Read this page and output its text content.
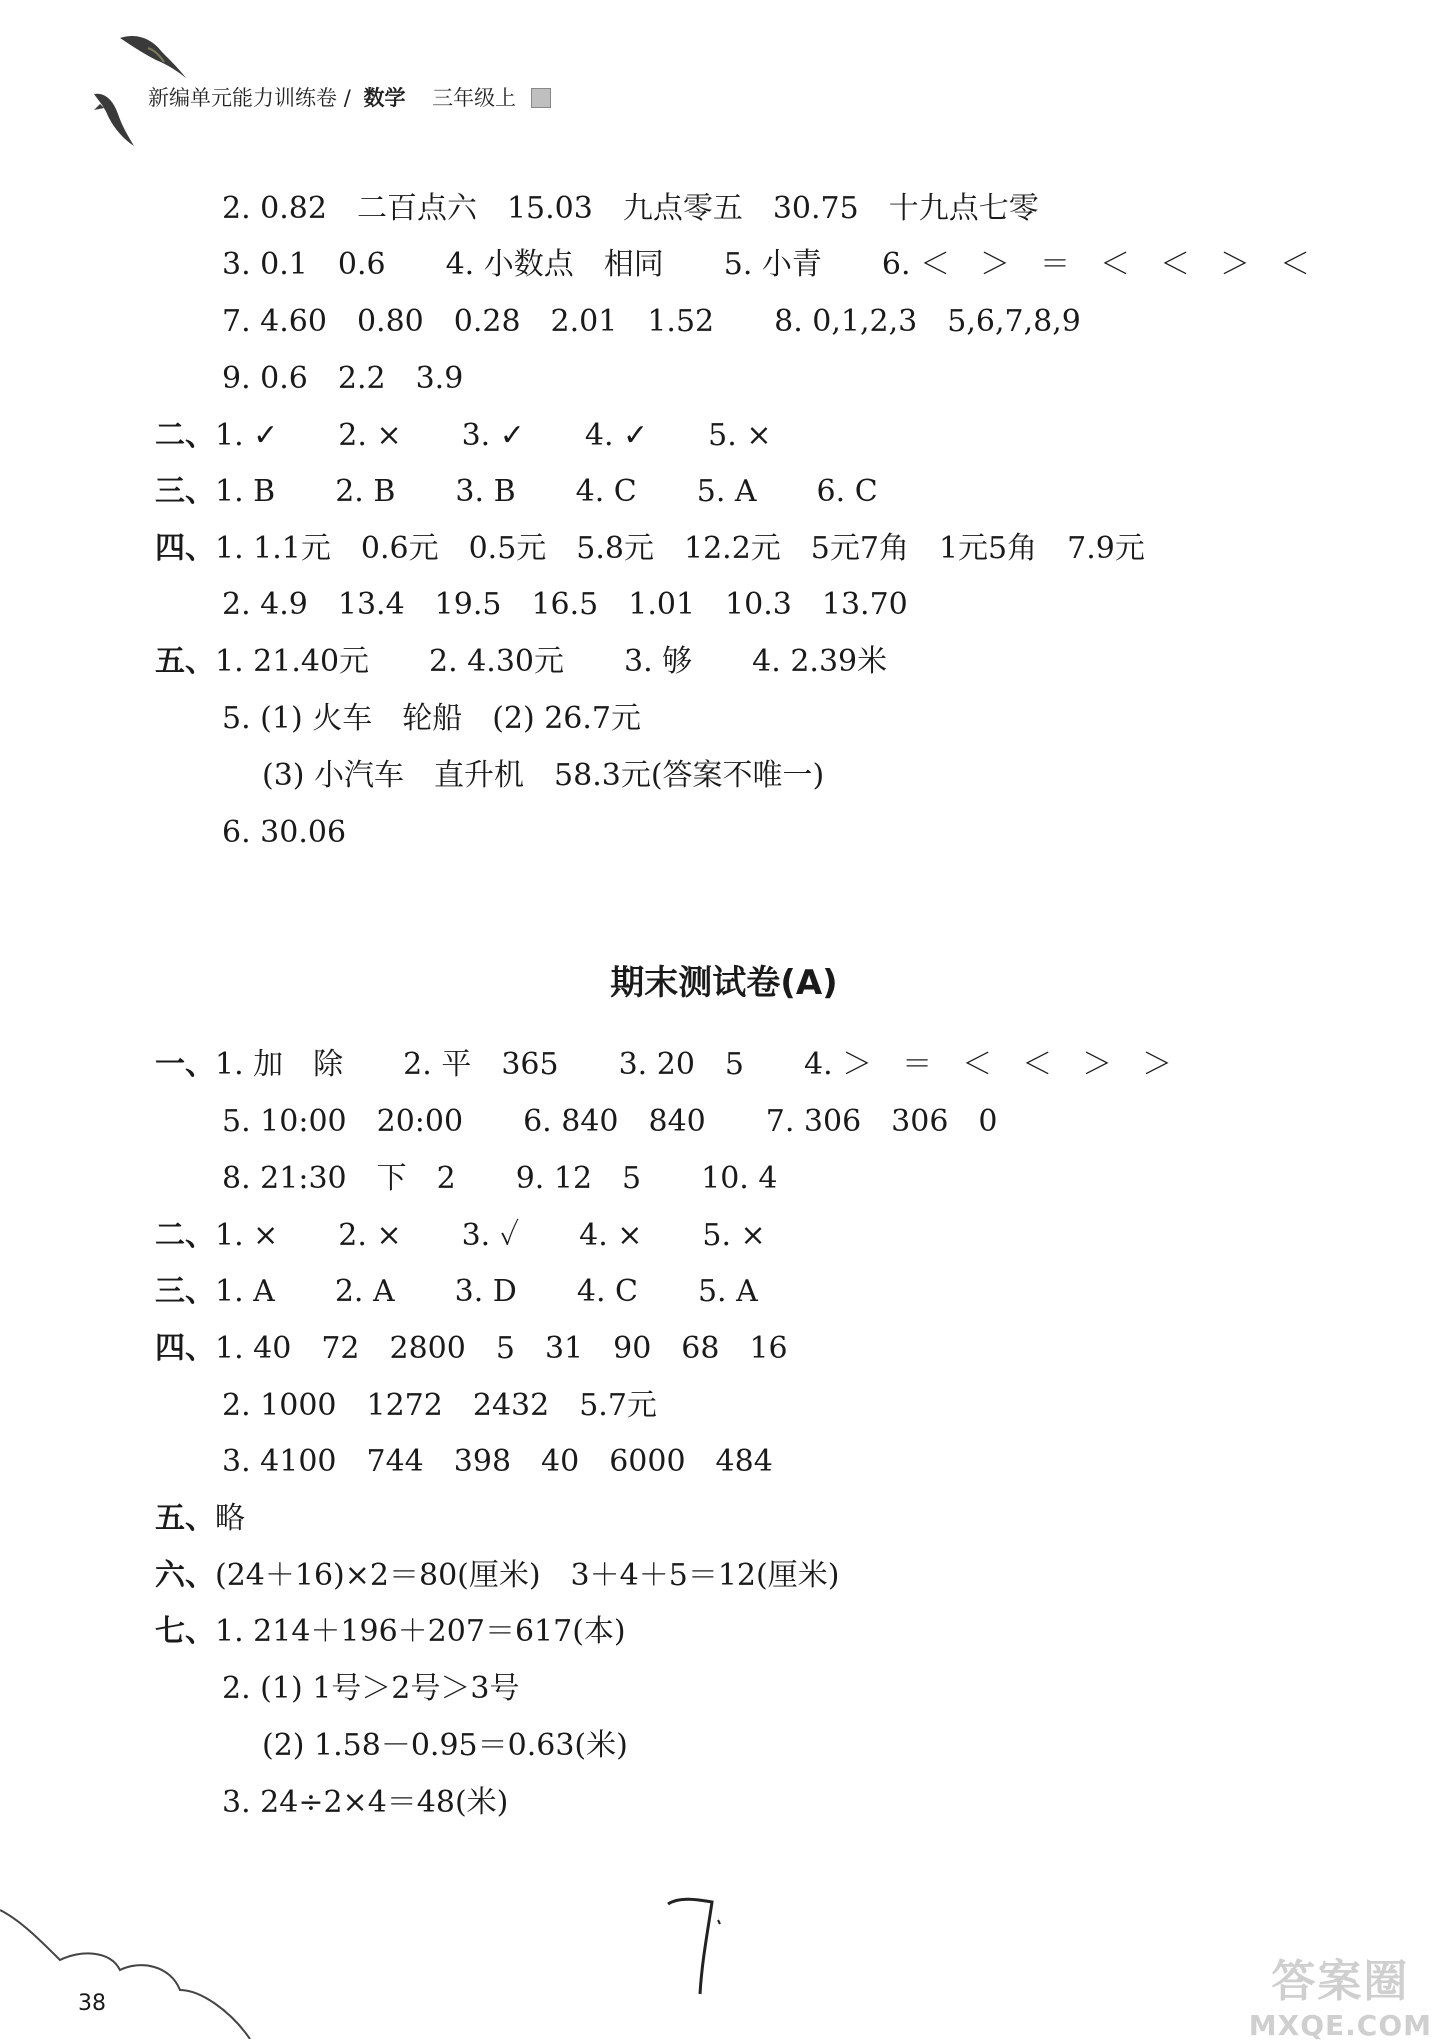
新编单元能力训练卷 / 数学 三年级上
2. 0.82　二百点六　15.03　九点零五　30.75　十九点七零
3. 0.1　0.6　　4. 小数点　相同　　5. 小青　　6. ＜　＞　＝　＜　＜　＞　＜
7. 4.60　0.80　0.28　2.01　1.52　　8. 0,1,2,3　5,6,7,8,9
9. 0.6　2.2　3.9
二、1. ✓　　2. ×　　3. ✓　　4. ✓　　5. ×
三、1. B　　2. B　　3. B　　4. C　　5. A　　6. C
四、1. 1.1元　0.6元　0.5元　5.8元　12.2元　5元7角　1元5角　7.9元
2. 4.9　13.4　19.5　16.5　1.01　10.3　13.70
五、1. 21.40元　　2. 4.30元　　3. 够　　4. 2.39米
5. (1) 火车　轮船　(2) 26.7元
(3) 小汽车　直升机　58.3元(答案不唯一)
6. 30.06
期末测试卷(A)
一、1. 加　除　　2. 平　365　　3. 20　5　　4. ＞　＝　＜　＜　＞　＞
5. 10:00　20:00　　6. 840　840　　7. 306　306　0
8. 21:30　下　2　　9. 12　5　　10. 4
二、1. ×　　2. ×　　3. ✓　　4. ×　　5. ×
三、1. A　　2. A　　3. D　　4. C　　5. A
四、1. 40　72　2800　5　31　90　68　16
2. 1000　1272　2432　5.7元
3. 4100　744　398　40　6000　484
五、略
六、(24＋16)×2＝80(厘米)　3＋4＋5＝12(厘米)
七、1. 214＋196＋207＝617(本)
2. (1) 1号＞2号＞3号
(2) 1.58－0.95＝0.63(米)
3. 24÷2×4＝48(米)
38	答案圈
MXQE.COM
